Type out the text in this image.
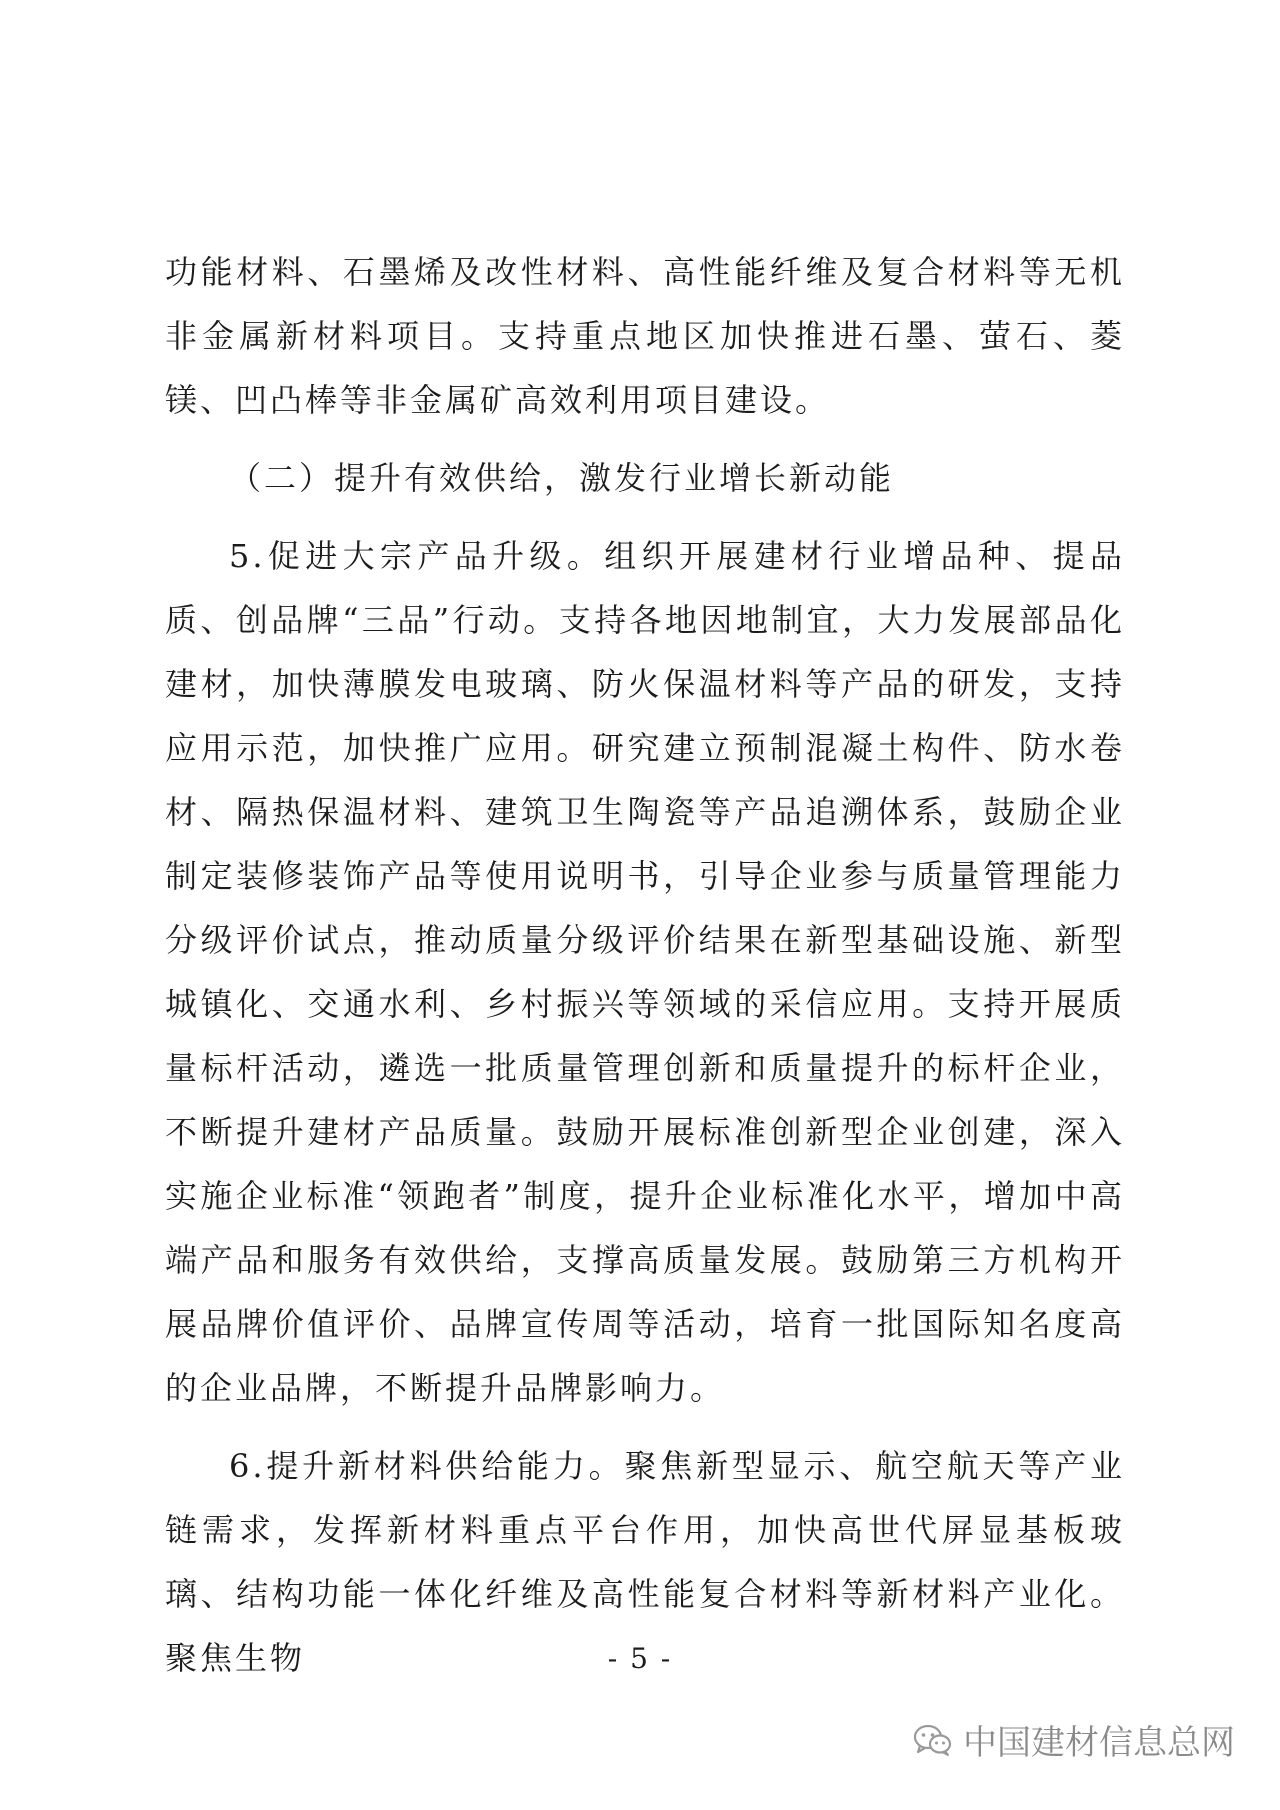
功能材料、石墨烯及改性材料、高性能纤维及复合材料等无机非金属新材料项目。支持重点地区加快推进石墨、萤石、菱镁、凹凸棒等非金属矿高效利用项目建设。

（二）提升有效供给，激发行业增长新动能

5.促进大宗产品升级。组织开展建材行业增品种、提品质、创品牌“三品”行动。支持各地因地制宜，大力发展部品化建材，加快薄膜发电玻璃、防火保温材料等产品的研发，支持应用示范，加快推广应用。研究建立预制混凝土构件、防水卷材、隔热保温材料、建筑卫生陶瓷等产品追溯体系，鼓励企业制定装修装饰产品等使用说明书，引导企业参与质量管理能力分级评价试点，推动质量分级评价结果在新型基础设施、新型城镇化、交通水利、乡村振兴等领域的采信应用。支持开展质量标杆活动，遴选一批质量管理创新和质量提升的标杆企业，不断提升建材产品质量。鼓励开展标准创新型企业创建，深入实施企业标准“领跑者”制度，提升企业标准化水平，增加中高端产品和服务有效供给，支撑高质量发展。鼓励第三方机构开展品牌价值评价、品牌宣传周等活动，培育一批国际知名度高的企业品牌，不断提升品牌影响力。

6.提升新材料供给能力。聚焦新型显示、航空航天等产业链需求，发挥新材料重点平台作用，加快高世代屏显基板玻璃、结构功能一体化纤维及高性能复合材料等新材料产业化。聚焦生物	- 5 -
中国建材信息总网
